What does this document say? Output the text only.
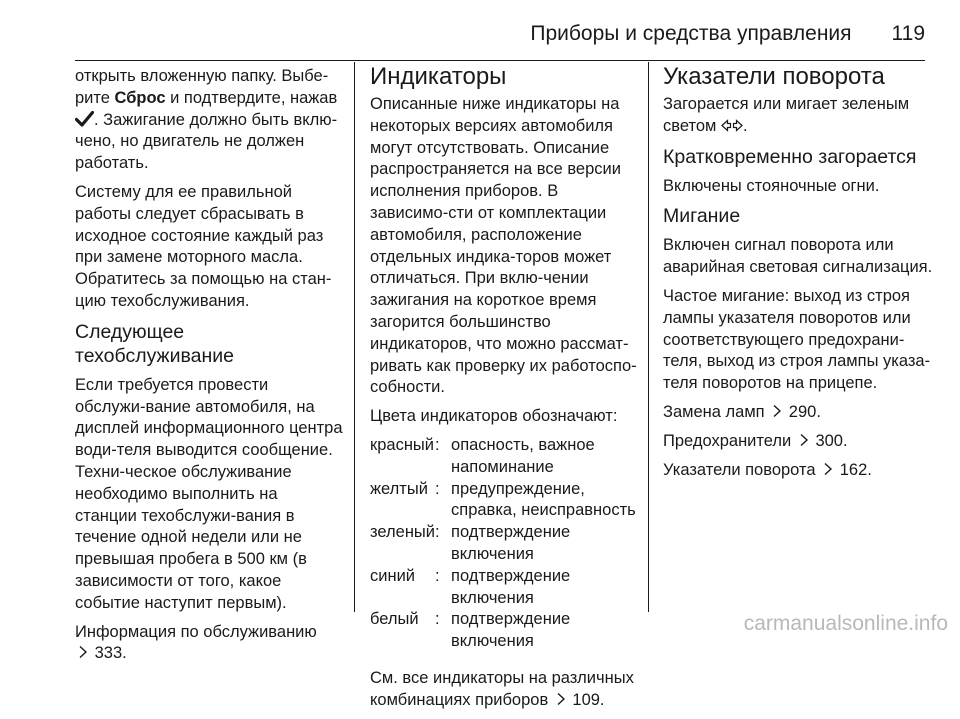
Приборы и средства управления 119

открыть вложенную папку. Выбе-рите Сброс и подтвердите, нажав
. Зажигание должно быть вклю-чено, но двигатель не должен работать.

Систему для ее правильной работы следует сбрасывать в исходное состояние каждый раз при замене моторного масла. Обратитесь за помощью на стан-цию техобслуживания.

Следующее техобслуживание

Если требуется провести обслужи-вание автомобиля, на дисплей информационного центра води-теля выводится сообщение. Техни-ческое обслуживание необходимо выполнить на станции техобслужи-вания в течение одной недели или не превышая пробега в 500 км (в зависимости от того, какое событие наступит первым).

Информация по обслуживанию
333.

Индикаторы

Описанные ниже индикаторы на некоторых версиях автомобиля могут отсутствовать. Описание распространяется на все версии исполнения приборов. В зависимо-сти от комплектации автомобиля, расположение отдельных индика-торов может отличаться. При вклю-чении зажигания на короткое время загорится большинство индикаторов, что можно рассмат-ривать как проверку их работоспо-собности.

Цвета индикаторов обозначают:

красный	:	опасность, важное напоминание
желтый	:	предупреждение, справка, неисправность
зеленый	:	подтверждение включения
синий	:	подтверждение включения
белый	:	подтверждение включения

См. все индикаторы на различных комбинациях приборов  109.

Указатели поворота

Загорается или мигает зеленым светом .

Кратковременно загорается

Включены стояночные огни.

Мигание

Включен сигнал поворота или аварийная световая сигнализация.

Частое мигание: выход из строя лампы указателя поворотов или соответствующего предохрани-теля, выход из строя лампы указа-теля поворотов на прицепе.

Замена ламп  290.

Предохранители  300.

Указатели поворота  162.

carmanualsonline.info
